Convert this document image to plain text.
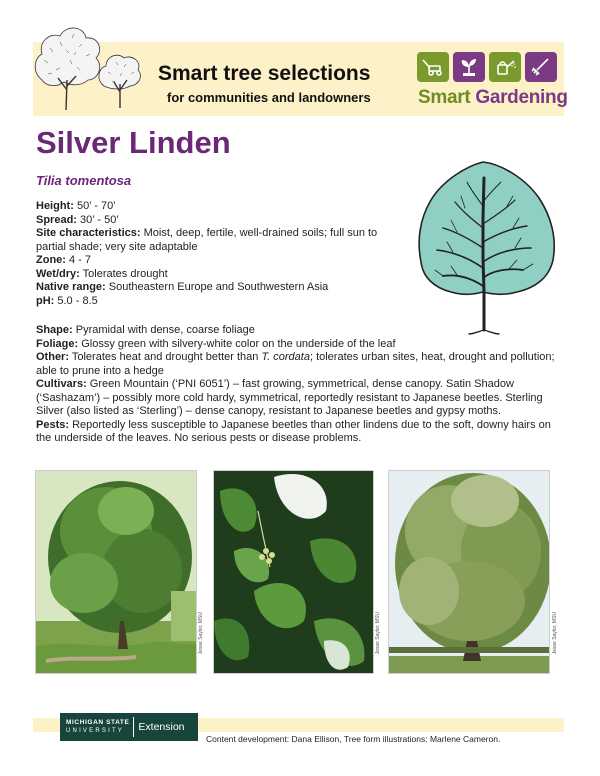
Smart tree selections
for communities and landowners Smart Gardening
Silver Linden
Tilia tomentosa
Height: 50’ - 70’
Spread: 30’ - 50’
Site characteristics: Moist, deep, fertile, well-drained soils; full sun to partial shade; very site adaptable
Zone: 4 - 7
Wet/dry: Tolerates drought
Native range: Southeastern Europe and Southwestern Asia
pH: 5.0 - 8.5
Shape: Pyramidal with dense, coarse foliage
Foliage: Glossy green with silvery-white color on the underside of the leaf
Other: Tolerates heat and drought better than T. cordata; tolerates urban sites, heat, drought and pollution; able to prune into a hedge
Cultivars: Green Mountain (‘PNI 6051’) – fast growing, symmetrical, dense canopy. Satin Shadow (‘Sashazam’) – possibly more cold hardy, symmetrical, reportedly resistant to Japanese beetles. Sterling Silver (also listed as ‘Sterling’) – dense canopy, resistant to Japanese beetles and gypsy moths.
Pests: Reportedly less susceptible to Japanese beetles than other lindens due to the soft, downy hairs on the underside of the leaves. No serious pests or disease problems.
Jesse Saylor, MSU	Jesse Saylor, MSU	Jesse Saylor, MSU
MICHIGAN STATE
UNIVERSITY	Extension
Content development: Dana Ellison, Tree form illustrations: Marlene Cameron.
